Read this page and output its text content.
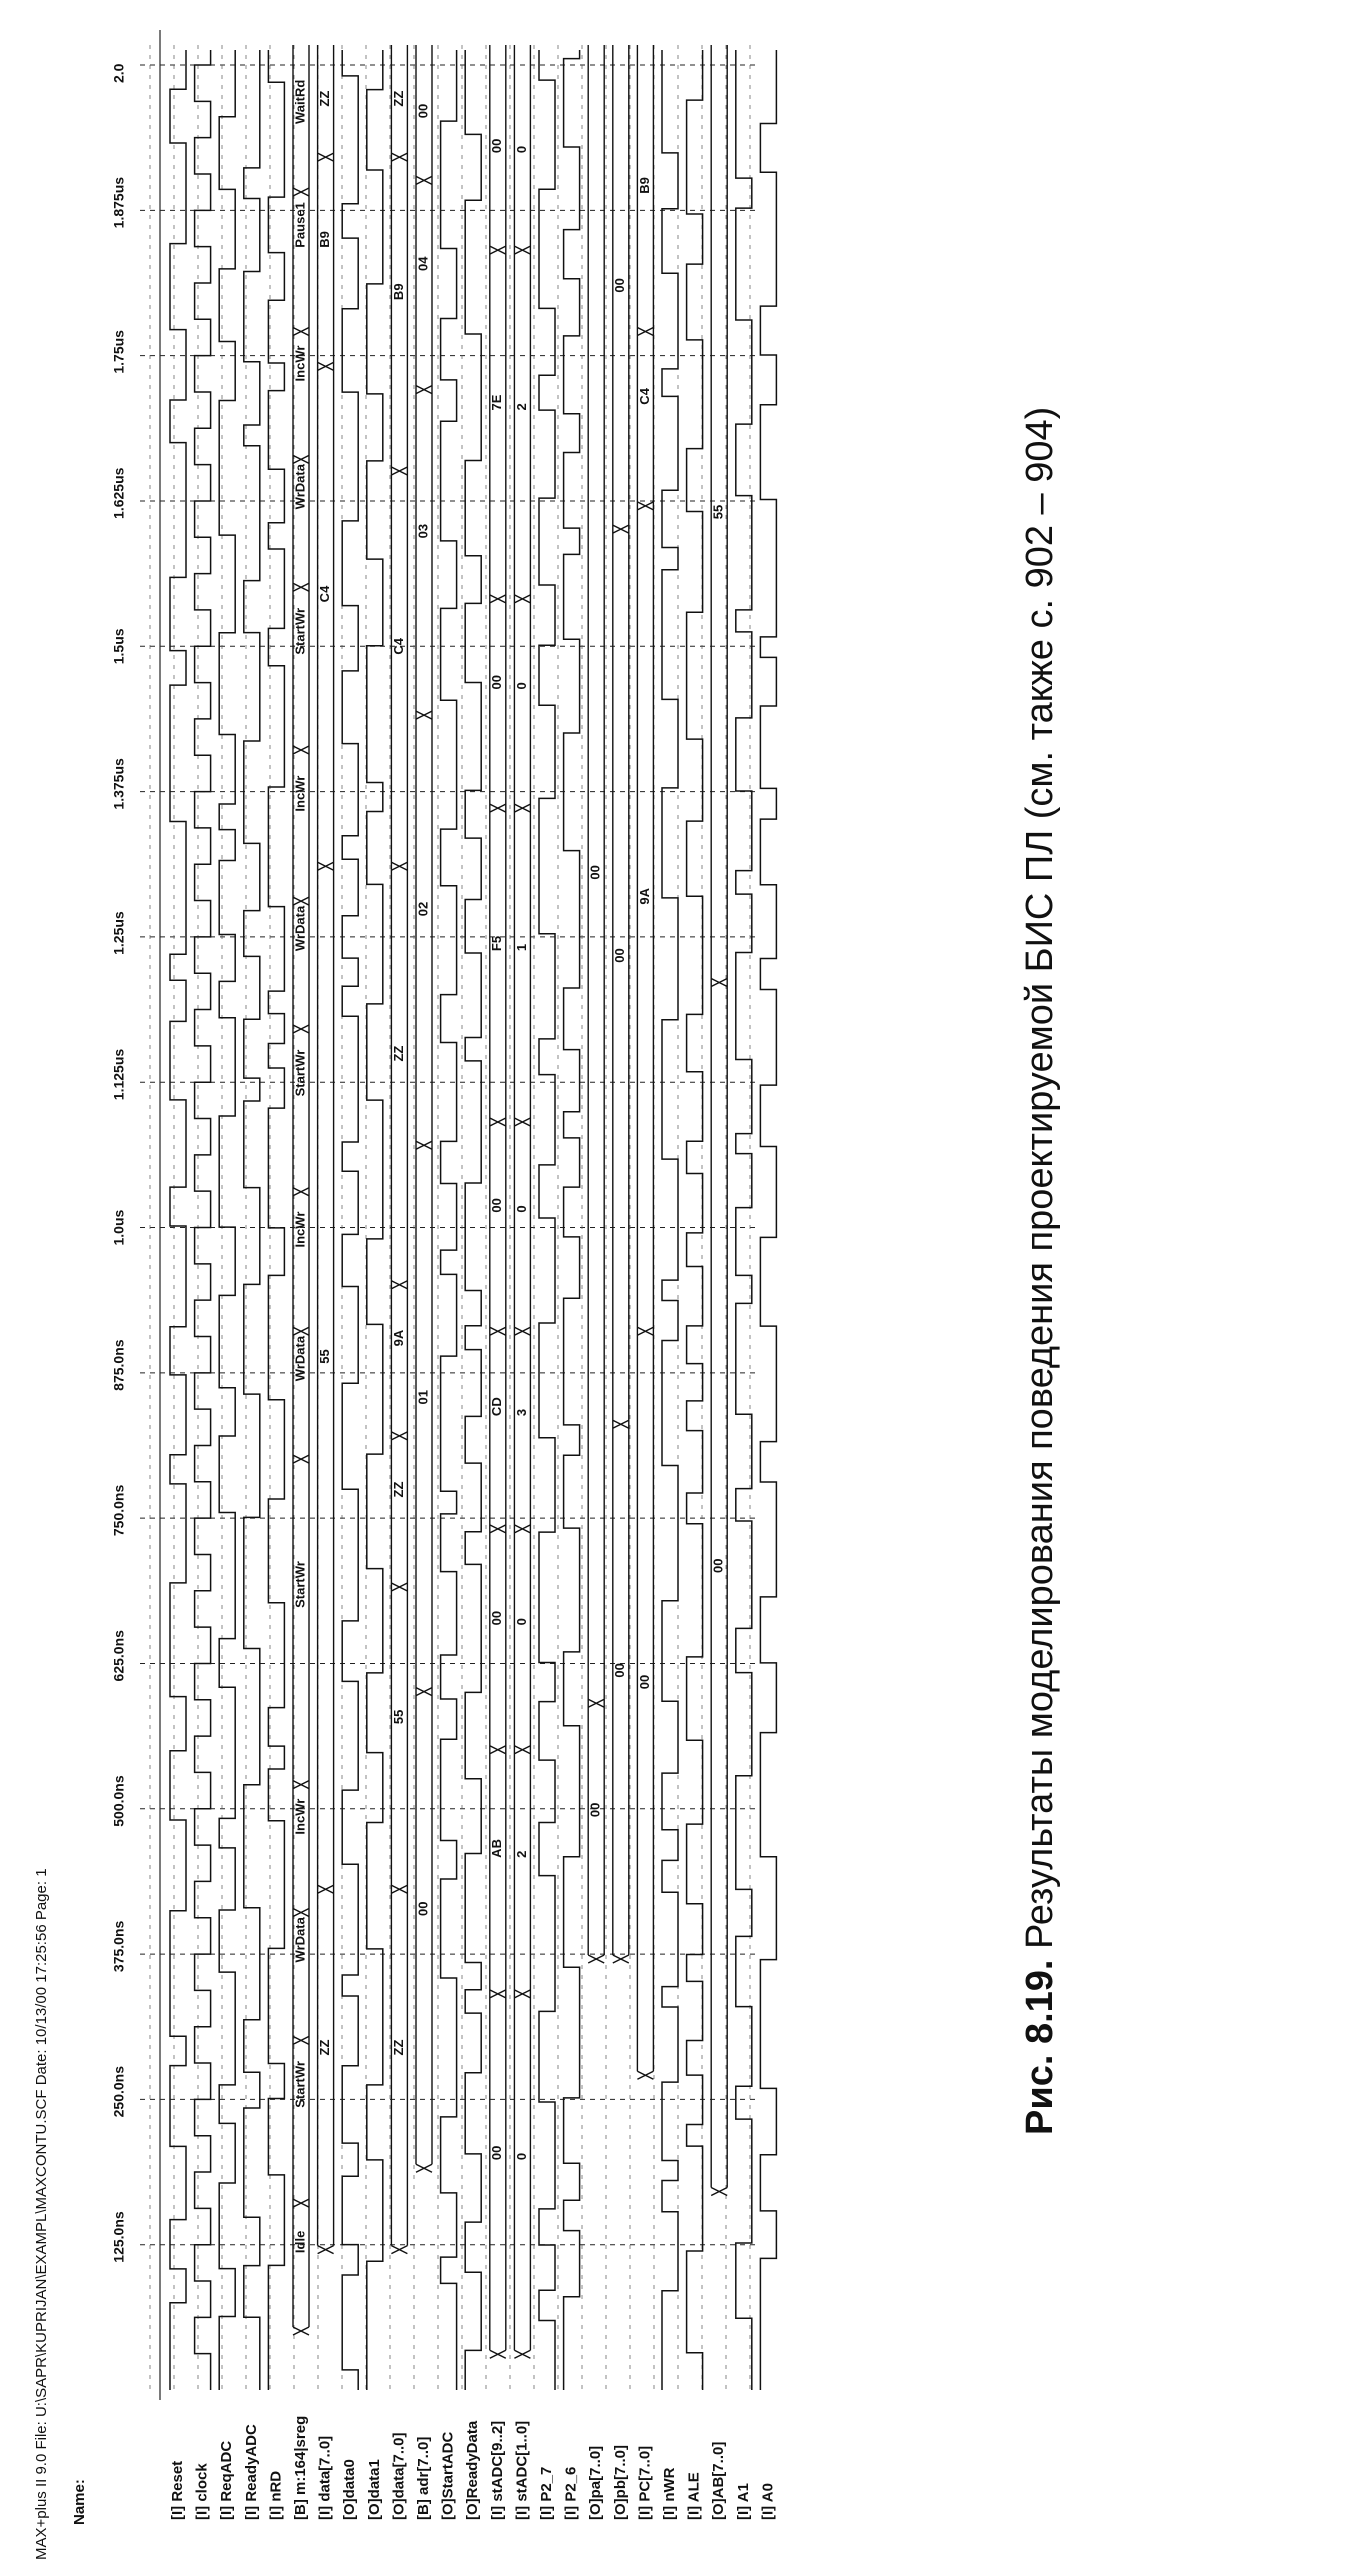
MAX+plus II 9.0 File: U:\SAPR\KUPRIJAN\EXAMPL\MAXCONTU.SCF Date: 10/13/00 17:25:56 Page: 1 Name:
125.0ns
250.0ns
375.0ns
500.0ns
625.0ns
750.0ns
875.0ns
1.0us
1.125us
1.25us
1.375us
1.5us
1.625us
1.75us
1.875us
2.0
[I] Reset [I] clock [I] ReqADC [I] ReadyADC [I] nRD [B] m:164|sreg
Idle
StartWr
WrData
IncWr
StartWr
WrData
IncWr
StartWr
WrData
IncWr
StartWr
WrData
IncWr
Pause1
WaitRd
[I] data[7..0]
ZZ
55
C4
B9
ZZ
[O]data0 [O]data1 [O]data[7..0]
ZZ
55
ZZ
9A
ZZ
C4
B9
ZZ
[B] adr[7..0]
00
01
02
03
04
00
[O]StartADC [O]ReadyData [I] stADC[9..2]
00
AB
00
CD
00
F5
00
7E
00
[I] stADC[1..0]
0
2
0
3
0
1
0
2
0
[I] P2_7 [I] P2_6 [O]pa[7..0]
00
00
[O]pb[7..0]
00
00
00
[I] PC[7..0]
00
9A
C4
B9
[I] nWR [I] ALE [O]AB[7..0]
00
55
[I] A1 [I] A0
Рис. 8.19. Результаты моделирования поведения проектируемой БИС ПЛ (см. также с. 902 – 904)
